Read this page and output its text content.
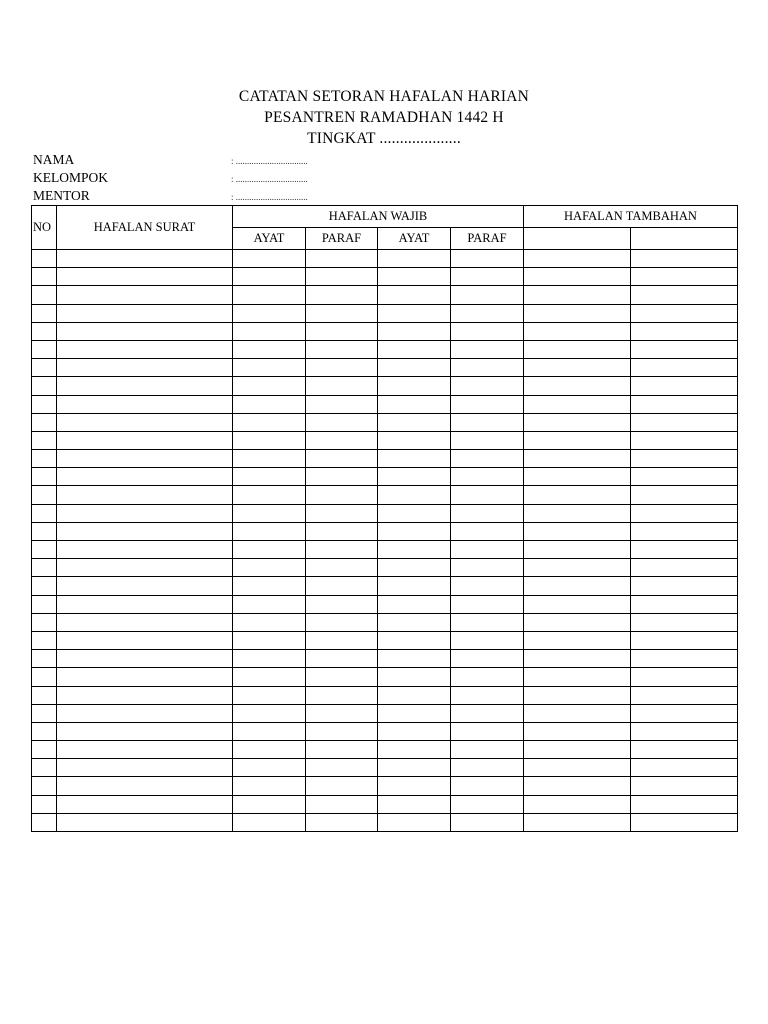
CATATAN SETORAN HAFALAN HARIAN
PESANTREN RAMADHAN 1442 H
TINGKAT ....................
NAMA	: ................................
KELOMPOK	: ................................
MENTOR	: ................................
NO	HAFALAN SURAT	HAFALAN WAJIB				HAFALAN TAMBAHAN	
		AYAT	PARAF	AYAT	PARAF		
